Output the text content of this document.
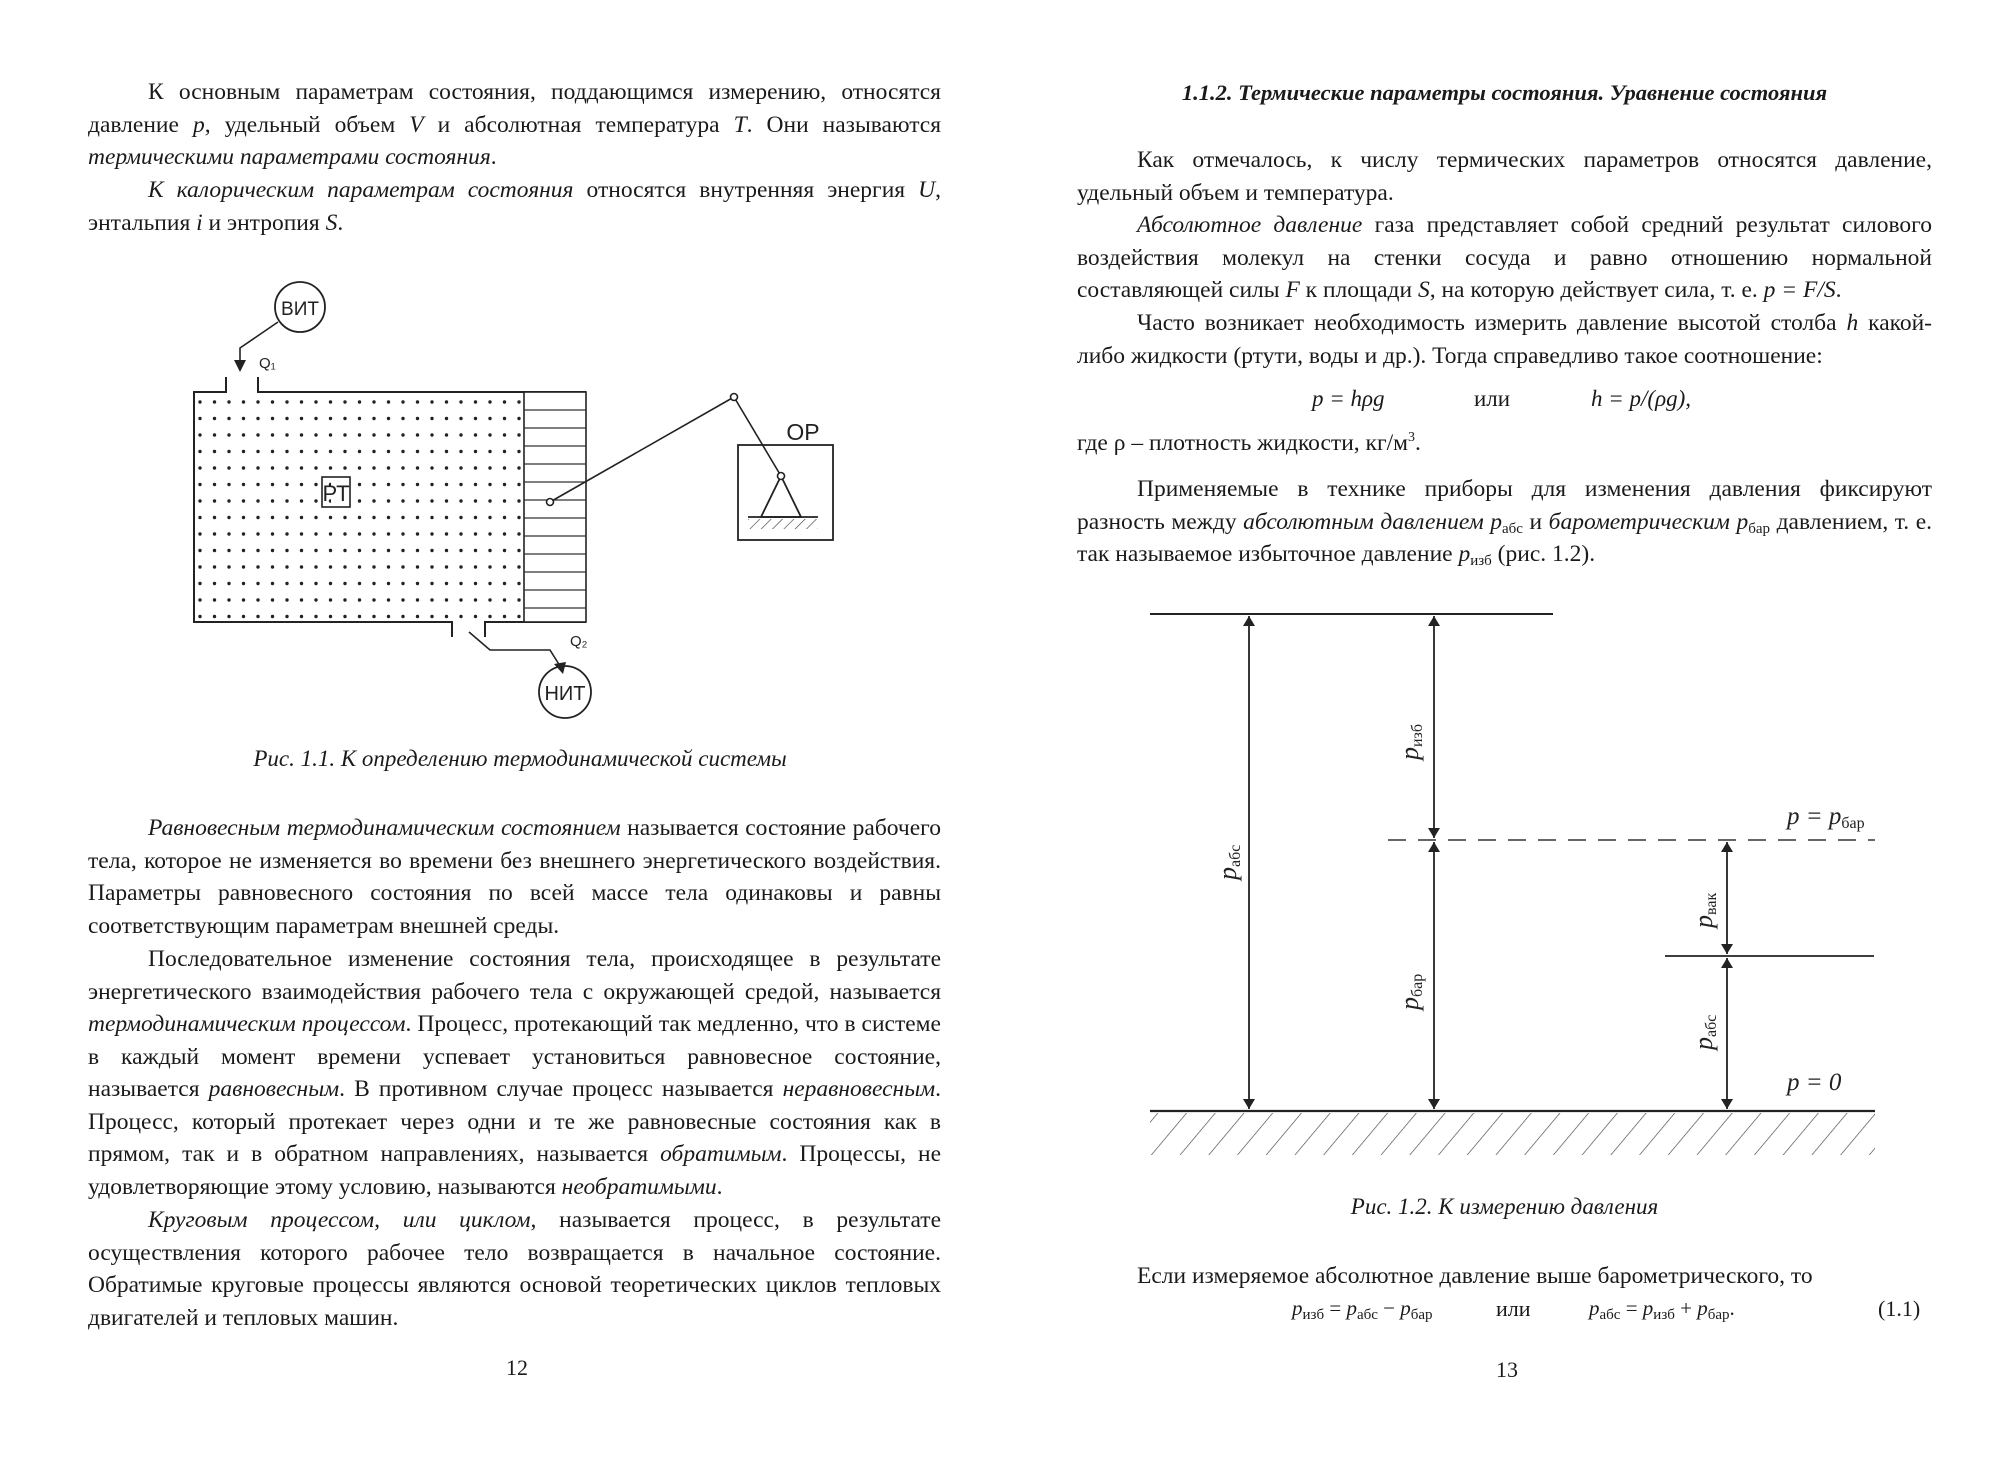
К основным параметрам состояния, поддающимся измерению, относятся давление p, удельный объем V и абсолютная температура T. Они называются термическими параметрами состояния.
К калорическим параметрам состояния относятся внутренняя энергия U, энтальпия i и энтропия S.
РТ
ОР
ВИТ
Q₁
НИТ
Q₂
Рис. 1.1. К определению термодинамической системы
Равновесным термодинамическим состоянием называется состояние рабочего тела, которое не изменяется во времени без внешнего энергетического воздействия. Параметры равновесного состояния по всей массе тела одинаковы и равны соответствующим параметрам внешней среды.
Последовательное изменение состояния тела, происходящее в результате энергетического взаимодействия рабочего тела с окружающей средой, называется термодинамическим процессом. Процесс, протекающий так медленно, что в системе в каждый момент времени успевает установиться равновесное состояние, называется равновесным. В противном случае процесс называется неравновесным. Процесс, который протекает через одни и те же равновесные состояния как в прямом, так и в обратном направлениях, называется обратимым. Процессы, не удовлетворяющие этому условию, называются необратимыми.
Круговым процессом, или циклом, называется процесс, в результате осуществления которого рабочее тело возвращается в начальное состояние. Обратимые круговые процессы являются основой теоретических циклов тепловых двигателей и тепловых машин.
12
1.1.2. Термические параметры состояния. Уравнение состояния
Как отмечалось, к числу термических параметров относятся давление, удельный объем и температура.
Абсолютное давление газа представляет собой средний результат силового воздействия молекул на стенки сосуда и равно отношению нормальной составляющей силы F к площади S, на которую действует сила, т. е. p = F/S.
Часто возникает необходимость измерить давление высотой столба h какой-либо жидкости (ртути, воды и др.). Тогда справедливо такое соотношение:
p = hρg	или	h = p/(ρg),
где ρ – плотность жидкости, $кг/м^3$.
Применяемые в технике приборы для изменения давления фиксируют разность между абсолютным давлением $p_{абс}$ и барометрическим $p_{бар}$ давлением, т. е. так называемое избыточное давление $p_{изб}$ (рис. 1.2).
pабс
pизб
pбар
pвак
pабс
p = pбар
p = 0
Рис. 1.2. К измерению давления
Если измеряемое абсолютное давление выше барометрического, то
$p_{изб} = p_{абс} - p_{бар}$	или	$p_{абс} = p_{изб} + p_{бар}$.	(1.1)
13
